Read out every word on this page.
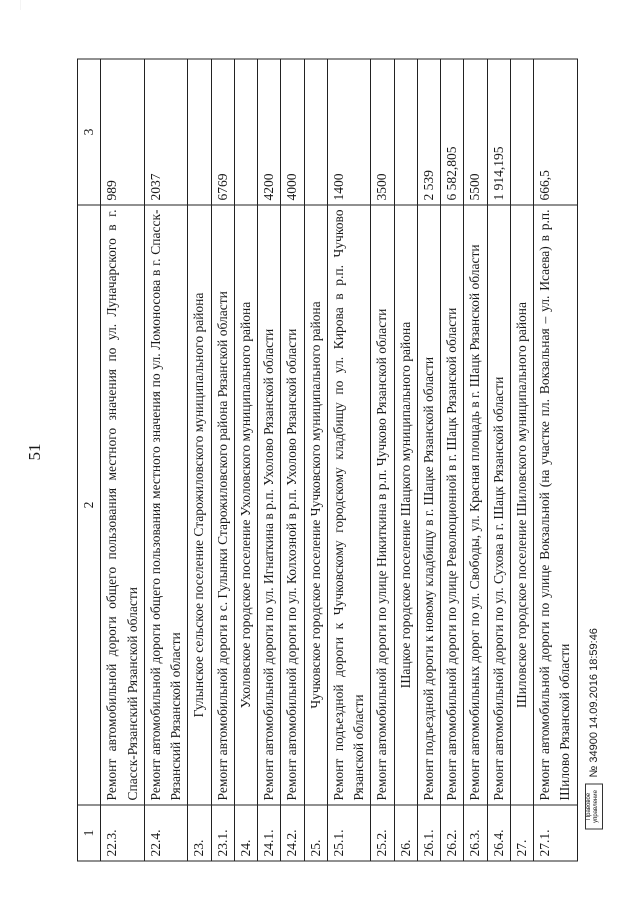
51
1	2	3
22.3.	Ремонт автомобильной дороги общего пользования местного значения по ул. Луначарского в г. Спасск-Рязанский Рязанской области	989
22.4.	Ремонт автомобильной дороги общего пользования местного значения по ул. Ломоносова в г. Спасск-Рязанский Рязанской области	2037
23.	Гулынское сельское поселение Старожиловского муниципального района	
23.1.	Ремонт автомобильной дороги в с. Гулынки Старожиловского района Рязанской области	6769
24.	Ухоловское городское поселение Ухоловского муниципального района	
24.1.	Ремонт автомобильной дороги по ул. Игнаткина в р.п. Ухолово Рязанской области	4200
24.2.	Ремонт автомобильной дороги по ул. Колхозной в р.п. Ухолово Рязанской области	4000
25.	Чучковское городское поселение Чучковского муниципального района	
25.1.	Ремонт подъездной дороги к Чучковскому городскому кладбищу по ул. Кирова в р.п. Чучково Рязанской области	1400
25.2.	Ремонт автомобильной дороги по улице Никиткина в р.п. Чучково Рязанской области	3500
26.	Шацкое городское поселение Шацкого муниципального района	
26.1.	Ремонт подъездной дороги к новому кладбищу в г. Шацке Рязанской области	2 539
26.2.	Ремонт автомобильной дороги по улице Революционной в г. Шацк Рязанской области	6 582,805
26.3.	Ремонт автомобильных дорог по ул. Свободы, ул. Красная площадь в г. Шацк Рязанской области	5500
26.4.	Ремонт автомобильной дороги по ул. Сухова в г. Шацк Рязанской области	1 914,195
27.	Шиловское городское поселение Шиловского муниципального района	
27.1.	Ремонт автомобильной дороги по улице Вокзальной (на участке пл. Вокзальная – ул. Исаева) в р.п. Шилово Рязанской области	666,5
Правовое управление
№ 34900 14.09.2016 18:59:46
